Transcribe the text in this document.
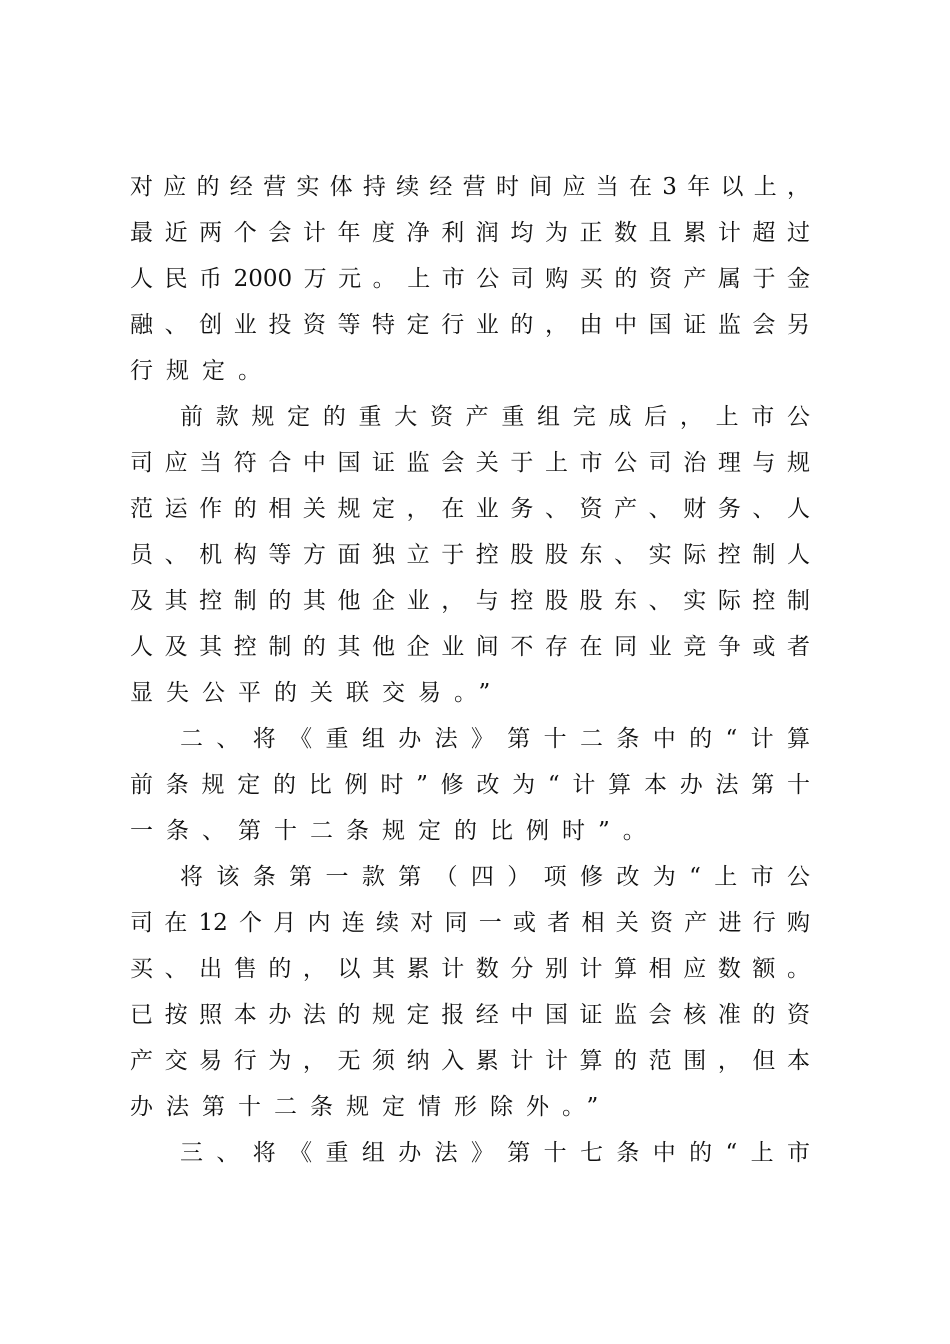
对应的经营实体持续经营时间应当在3年以上，
最近两个会计年度净利润均为正数且累计超过
人民币2000万元。上市公司购买的资产属于金
融、创业投资等特定行业的，由中国证监会另
行规定。
前款规定的重大资产重组完成后，上市公
司应当符合中国证监会关于上市公司治理与规
范运作的相关规定，在业务、资产、财务、人
员、机构等方面独立于控股股东、实际控制人
及其控制的其他企业，与控股股东、实际控制
人及其控制的其他企业间不存在同业竞争或者
显失公平的关联交易。”
二、将《重组办法》第十二条中的“计算
前条规定的比例时”修改为“计算本办法第十
一条、第十二条规定的比例时”。
将该条第一款第（四）项修改为“上市公
司在12个月内连续对同一或者相关资产进行购
买、出售的，以其累计数分别计算相应数额。
已按照本办法的规定报经中国证监会核准的资
产交易行为，无须纳入累计计算的范围，但本
办法第十二条规定情形除外。”
三、将《重组办法》第十七条中的“上市
